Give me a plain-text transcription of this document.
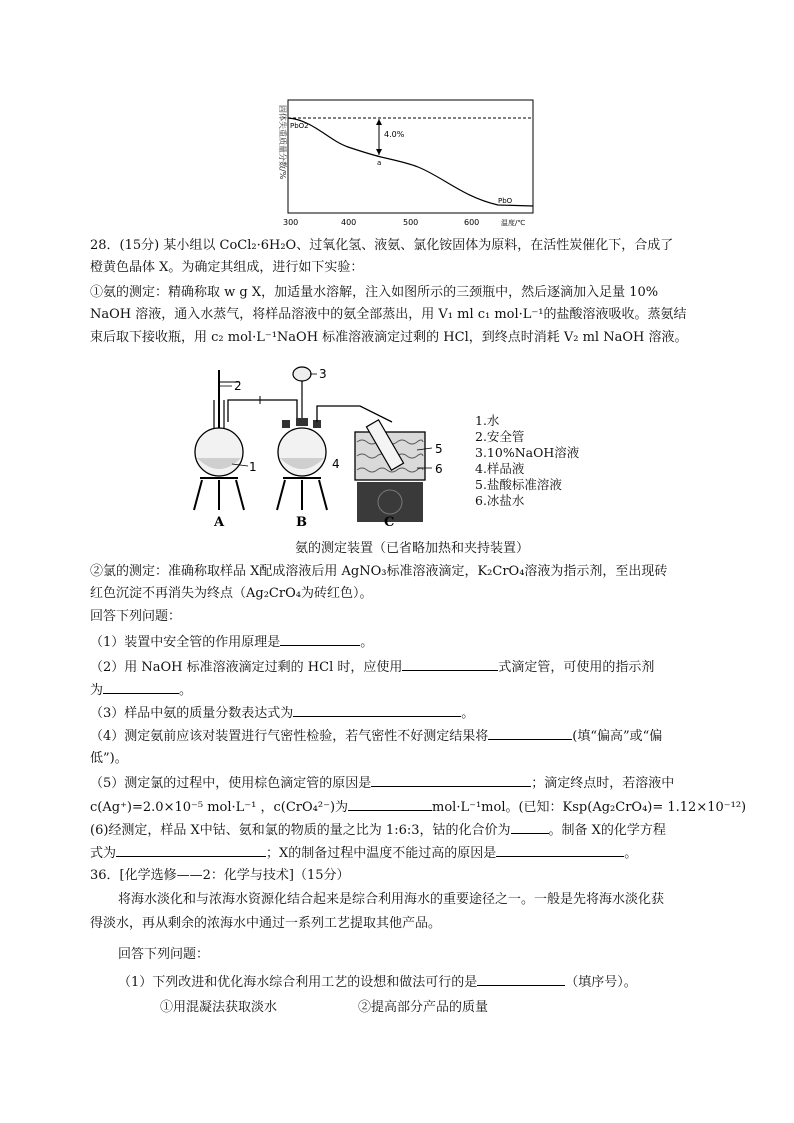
固体失重质量分数/%	4.0%
a
PbO2
PbO
300	400	500	600	温度/℃
28．(15分) 某小组以 CoCl₂·6H₂O、过氧化氢、液氨、氯化铵固体为原料，在活性炭催化下，合成了
橙黄色晶体 X。为确定其组成，进行如下实验：
①氨的测定：精确称取 w g X，加适量水溶解，注入如图所示的三颈瓶中，然后逐滴加入足量 10%
NaOH 溶液，通入水蒸气，将样品溶液中的氨全部蒸出，用 V₁ ml c₁ mol·L⁻¹的盐酸溶液吸收。蒸氨结
束后取下接收瓶，用 c₂ mol·L⁻¹NaOH 标准溶液滴定过剩的 HCl，到终点时消耗 V₂ ml NaOH 溶液。
2
3
1	4
5
6
A	B	C
1.水
2.安全管
3.10%NaOH溶液
4.样品液
5.盐酸标准溶液
6.冰盐水
氨的测定装置（已省略加热和夹持装置）
②氯的测定：准确称取样品 X配成溶液后用 AgNO₃标准溶液滴定，K₂CrO₄溶液为指示剂，至出现砖
红色沉淀不再消失为终点（Ag₂CrO₄为砖红色）。
回答下列问题：
（1）装置中安全管的作用原理是	。
（2）用 NaOH 标准溶液滴定过剩的 HCl 时，应使用	式滴定管，可使用的指示剂
为	。
（3）样品中氨的质量分数表达式为	。
（4）测定氨前应该对装置进行气密性检验，若气密性不好测定结果将	(填“偏高”或“偏
低”)。
（5）测定氯的过程中，使用棕色滴定管的原因是	；滴定终点时，若溶液中
c(Ag⁺)=2.0×10⁻⁵ mol·L⁻¹ ，c(CrO₄²⁻)为	mol·L⁻¹mol。(已知：Ksp(Ag₂CrO₄)= 1.12×10⁻¹²)
(6)经测定，样品 X中钴、氨和氯的物质的量之比为 1:6:3，钴的化合价为	。制备 X的化学方程
式为	；X的制备过程中温度不能过高的原因是	。
36．[化学选修——2：化学与技术]（15分）
将海水淡化和与浓海水资源化结合起来是综合利用海水的重要途径之一。一般是先将海水淡化获
得淡水，再从剩余的浓海水中通过一系列工艺提取其他产品。
回答下列问题：
（1）下列改进和优化海水综合利用工艺的设想和做法可行的是	（填序号）。
①用混凝法获取淡水	②提高部分产品的质量
